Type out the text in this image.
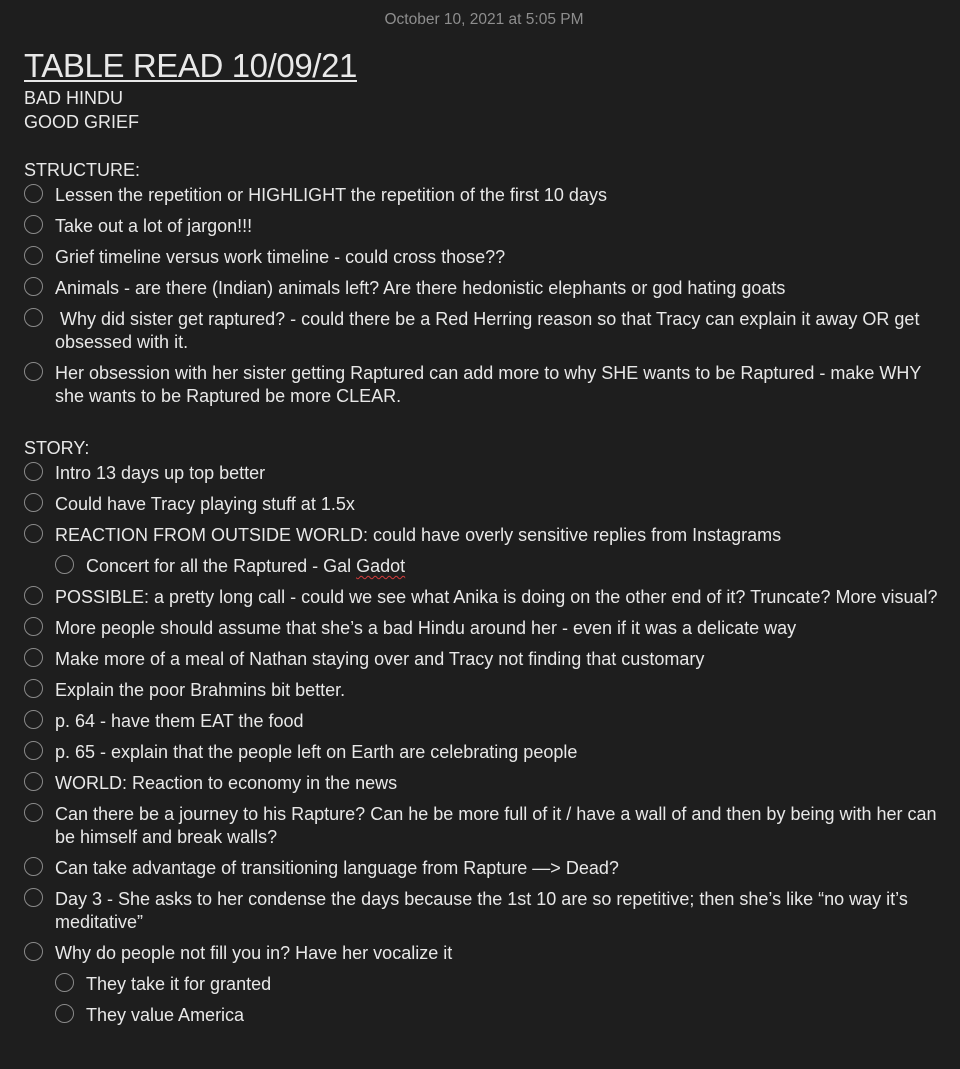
October 10, 2021 at 5:05 PM
TABLE READ 10/09/21
BAD HINDU
GOOD GRIEF
STRUCTURE:
Lessen the repetition or HIGHLIGHT the repetition of the first 10 days
Take out a lot of jargon!!!
Grief timeline versus work timeline - could cross those??
Animals - are there (Indian) animals left? Are there hedonistic elephants or god hating goats
Why did sister get raptured? - could there be a Red Herring reason so that Tracy can explain it away OR get obsessed with it.
Her obsession with her sister getting Raptured can add more to why SHE wants to be Raptured - make WHY she wants to be Raptured be more CLEAR.
STORY:
Intro 13 days up top better
Could have Tracy playing stuff at 1.5x
REACTION FROM OUTSIDE WORLD: could have overly sensitive replies from Instagrams
Concert for all the Raptured - Gal Gadot
POSSIBLE: a pretty long call - could we see what Anika is doing on the other end of it? Truncate? More visual?
More people should assume that she’s a bad Hindu around her - even if it was a delicate way
Make more of a meal of Nathan staying over and Tracy not finding that customary
Explain the poor Brahmins bit better.
p. 64 - have them EAT the food
p. 65 - explain that the people left on Earth are celebrating people
WORLD: Reaction to economy in the news
Can there be a journey to his Rapture? Can he be more full of it / have a wall of and then by being with her can be himself and break walls?
Can take advantage of transitioning language from Rapture —> Dead?
Day 3 - She asks to her condense the days because the 1st 10 are so repetitive; then she’s like “no way it’s meditative”
Why do people not fill you in? Have her vocalize it
They take it for granted
They value America
